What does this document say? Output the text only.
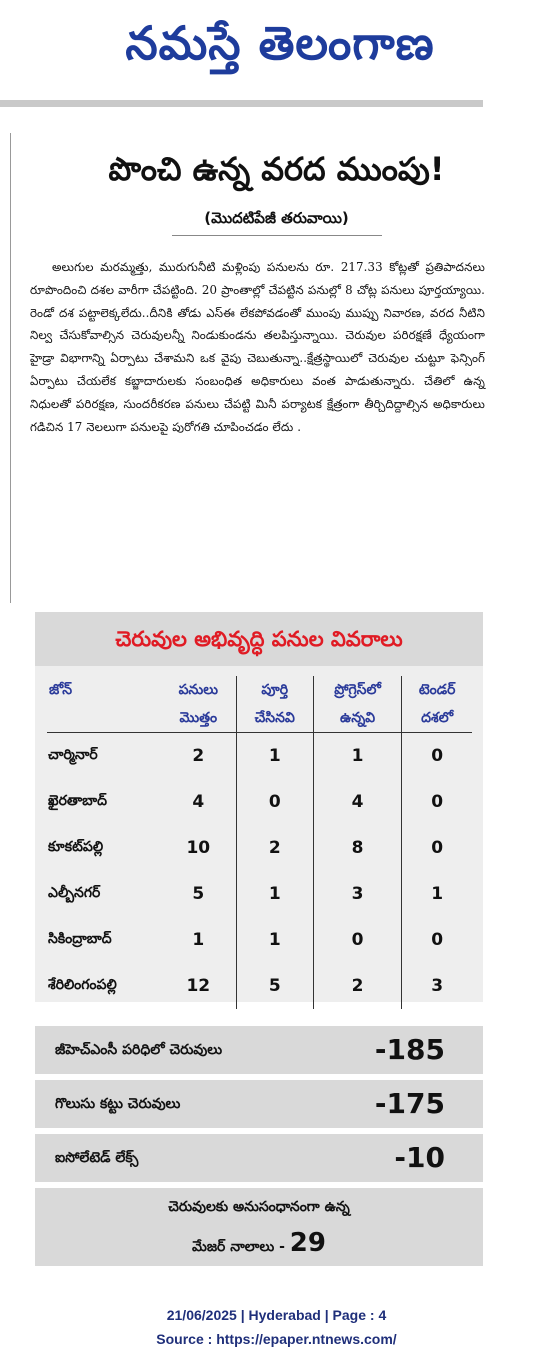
నమస్తే తెలంగాణ
పొంచి ఉన్న వరద ముంపు!
(మొదటిపేజీ తరువాయి)
అలుగుల మరమ్మత్తు, మురుగునీటి మళ్లింపు పనులను రూ. 217.33 కోట్లతో ప్రతిపాదనలు రూపొందించి దశల వారీగా చేపట్టింది. 20 ప్రాంతాల్లో చేపట్టిన పనుల్లో 8 చోట్ల పనులు పూర్తయ్యాయి. రెండో దశ పట్టాలెక్కలేదు..దీనికి తోడు ఎస్ఈ లేకపోవడంతో ముంపు ముప్పు నివారణ, వరద నీటిని నిల్వ చేసుకోవాల్సిన చెరువులన్నీ నిండుకుండను తలపిస్తున్నాయి. చెరువుల పరిరక్షణే ధ్యేయంగా హైడ్రా విభాగాన్ని ఏర్పాటు చేశామని ఒక వైపు చెబుతున్నా..క్షేత్రస్థాయిలో చెరువుల చుట్టూ ఫెన్సింగ్ ఏర్పాటు చేయలేక కబ్జాదారులకు సంబంధిత అధికారులు వంత పాడుతున్నారు. చేతిలో ఉన్న నిధులతో పరిరక్షణ, సుందరీకరణ పనులు చేపట్టి మినీ పర్యాటక క్షేత్రంగా తీర్చిదిద్దాల్సిన అధికారులు గడిచిన 17 నెలలుగా పనులపై పురోగతి చూపించడం లేదు .
చెరువుల అభివృద్ధి పనుల వివరాలు
జోన్	పనులు	పూర్తి	ప్రోగ్రెస్‌లో	టెండర్
	మొత్తం	చేసినవి	ఉన్నవి	దశలో
చార్మినార్	2	1	1	0
ఖైరతాబాద్	4	0	4	0
కూకట్‌పల్లి	10	2	8	0
ఎల్బీనగర్	5	1	3	1
సికింద్రాబాద్	1	1	0	0
శేరిలింగంపల్లి	12	5	2	3
జీహెచ్ఎంసీ పరిధిలో చెరువులు	-185
గొలుసు కట్టు చెరువులు	-175
ఐసోలేటెడ్ లేక్స్	-10
చెరువులకు అనుసంధానంగా ఉన్న
మేజర్ నాలాలు - 29
21/06/2025 | Hyderabad | Page : 4
Source : https://epaper.ntnews.com/
